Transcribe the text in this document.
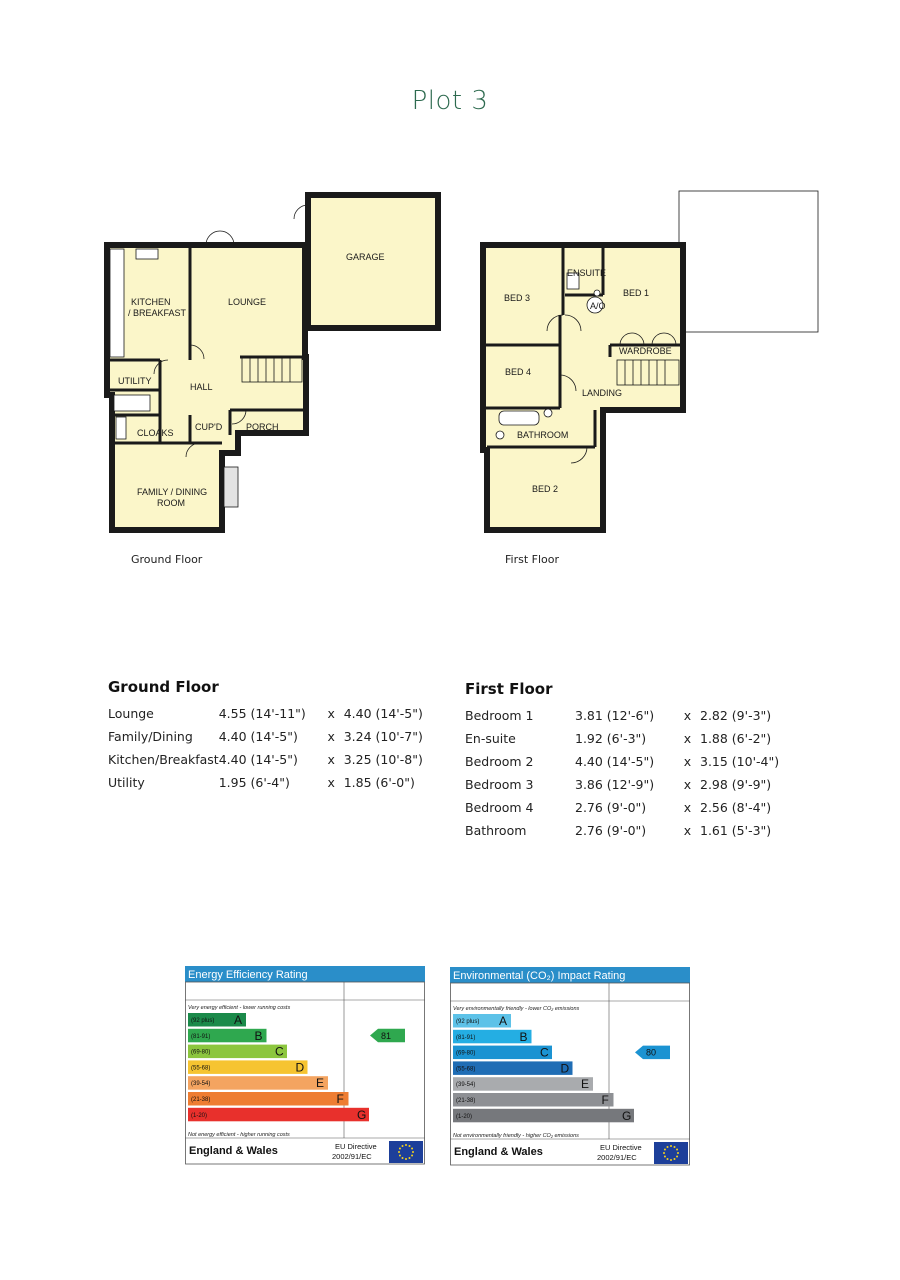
Plot 3
GARAGE
KITCHEN
/ BREAKFAST
LOUNGE
UTILITY
HALL
CLOAKS
CUP'D	PORCH
FAMILY / DINING
ROOM
Ground Floor
BED 3
ENSUITE
BED 1
A/O
WARDROBE
BED 4
LANDING
BATHROOM
BED 2
First Floor
Ground Floor
Lounge	4.55 (14'-11")	x	4.40 (14'-5")
Family/Dining	4.40 (14'-5")	x	3.24 (10'-7")
Kitchen/Breakfast	4.40 (14'-5")	x	3.25 (10'-8")
Utility	1.95 (6'-4")	x	1.85 (6'-0")
First Floor
Bedroom 1	3.81 (12'-6")	x	2.82 (9'-3")
En-suite	1.92 (6'-3")	x	1.88 (6'-2")
Bedroom 2	4.40 (14'-5")	x	3.15 (10'-4")
Bedroom 3	3.86 (12'-9")	x	2.98 (9'-9")
Bedroom 4	2.76 (9'-0")	x	2.56 (8'-4")
Bathroom	2.76 (9'-0")	x	1.61 (5'-3")
Energy Efficiency Rating
Very energy efficient - lower running costs
(92 plus) A
(81-91)	B
(69-80)	C
(55-68)	D
(39-54)	E
(21-38)	F
(1-20)	G
81
Not energy efficient - higher running costs
England & Wales	EU Directive
2002/91/EC
Environmental (CO₂) Impact Rating
Very environmentally friendly - lower CO₂ emissions
(92 plus) A
(81-91)	B
(69-80)	C
(55-68)	D
(39-54)	E
(21-38)	F
(1-20)	G
80
Not environmentally friendly - higher CO₂ emissions
England & Wales	EU Directive
2002/91/EC
